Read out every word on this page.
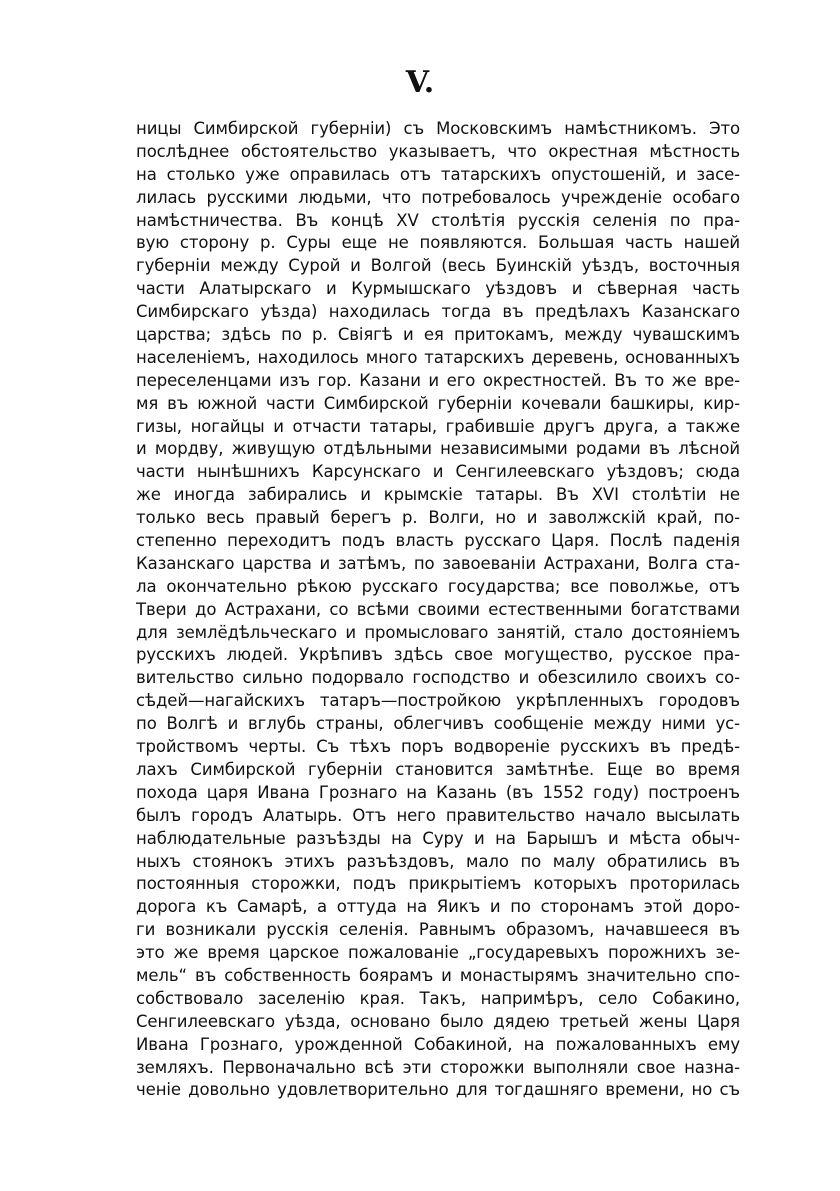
V.
ницы Симбирской губерніи) съ Московскимъ намѣстникомъ. Это
послѣднее обстоятельство указываетъ, что окрестная мѣстность
на столько уже оправилась отъ татарскихъ опустошеній, и засе-
лилась русскими людьми, что потребовалось учрежденіе особаго
намѣстничества. Въ концѣ XV столѣтія русскія селенія по пра-
вую сторону р. Суры еще не появляются. Большая часть нашей
губерніи между Сурой и Волгой (весь Буинскій уѣздъ, восточныя
части Алатырскаго и Курмышскаго уѣздовъ и сѣверная часть
Симбирскаго уѣзда) находилась тогда въ предѣлахъ Казанскаго
царства; здѣсь по р. Свіягѣ и ея притокамъ, между чувашскимъ
населеніемъ, находилось много татарскихъ деревень, основанныхъ
переселенцами изъ гор. Казани и его окрестностей. Въ то же вре-
мя въ южной части Симбирской губерніи кочевали башкиры, кир-
гизы, ногайцы и отчасти татары, грабившіе другъ друга, а также
и мордву, живущую отдѣльными независимыми родами въ лѣсной
части нынѣшнихъ Карсунскаго и Сенгилеевскаго уѣздовъ; сюда
же иногда забирались и крымскіе татары. Въ XVI столѣтіи не
только весь правый берегъ р. Волги, но и заволжскій край, по-
степенно переходитъ подъ власть русскаго Царя. Послѣ паденія
Казанскаго царства и затѣмъ, по завоеваніи Астрахани, Волга ста-
ла окончательно рѣкою русскаго государства; все поволжье, отъ
Твери до Астрахани, со всѣми своими естественными богатствами
для землёдѣльческаго и промысловаго занятій, стало достояніемъ
русскихъ людей. Укрѣпивъ здѣсь свое могущество, русское пра-
вительство сильно подорвало господство и обезсилило своихъ со-
сѣдей—нагайскихъ татаръ—постройкою укрѣпленныхъ городовъ
по Волгѣ и вглубь страны, облегчивъ сообщеніе между ними ус-
тройствомъ черты. Съ тѣхъ поръ водвореніе русскихъ въ предѣ-
лахъ Симбирской губерніи становится замѣтнѣе. Еще во время
похода царя Ивана Грознаго на Казань (въ 1552 году) построенъ
былъ городъ Алатырь. Отъ него правительство начало высылать
наблюдательные разъѣзды на Суру и на Барышъ и мѣста обыч-
ныхъ стоянокъ этихъ разъѣздовъ, мало по малу обратились въ
постоянныя сторожки, подъ прикрытіемъ которыхъ проторилась
дорога къ Самарѣ, а оттуда на Яикъ и по сторонамъ этой доро-
ги возникали русскія селенія. Равнымъ образомъ, начавшееся въ
это же время царское пожалованіе „государевыхъ порожнихъ зе-
мель“ въ собственность боярамъ и монастырямъ значительно спо-
собствовало заселенію края. Такъ, напримѣръ, село Собакино,
Сенгилеевскаго уѣзда, основано было дядею третьей жены Царя
Ивана Грознаго, урожденной Собакиной, на пожалованныхъ ему
земляхъ. Первоначально всѣ эти сторожки выполняли свое назна-
ченіе довольно удовлетворительно для тогдашняго времени, но съ
